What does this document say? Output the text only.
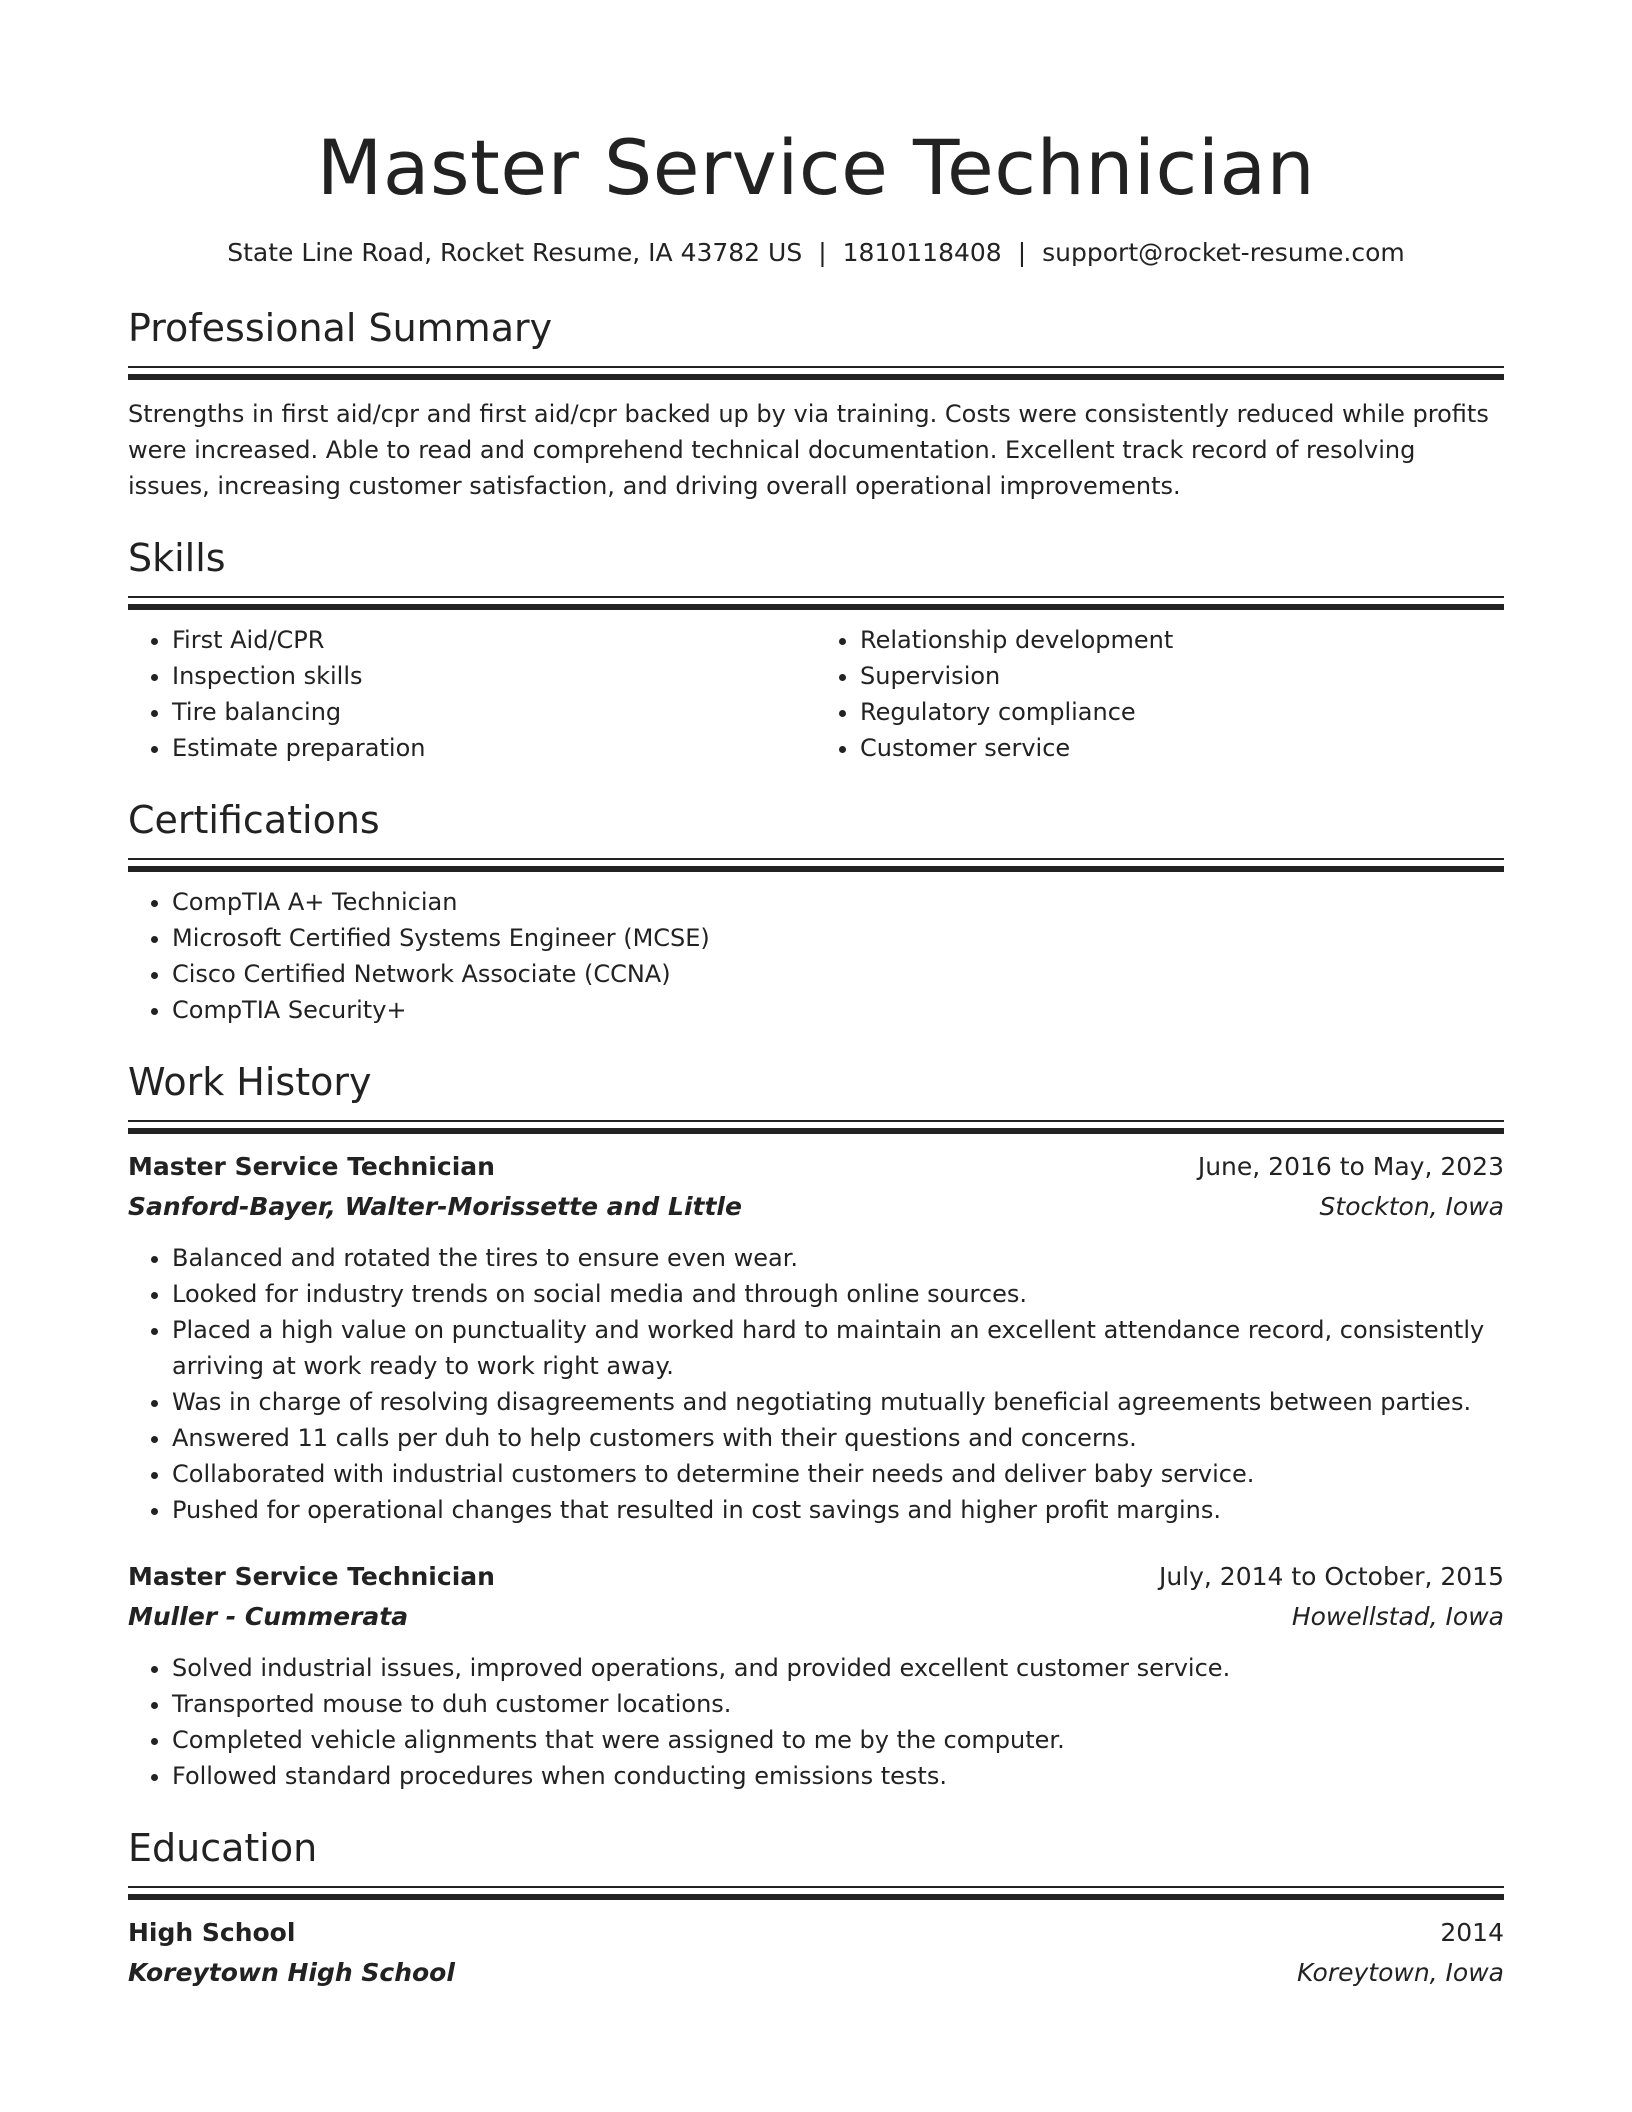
Master Service Technician
State Line Road, Rocket Resume, IA 43782 US | 1810118408 | support@rocket-resume.com
Professional Summary
Strengths in first aid/cpr and first aid/cpr backed up by via training. Costs were consistently reduced while profits were increased. Able to read and comprehend technical documentation. Excellent track record of resolving issues, increasing customer satisfaction, and driving overall operational improvements.
Skills
• First Aid/CPR
• Inspection skills
• Tire balancing
• Estimate preparation
• Relationship development
• Supervision
• Regulatory compliance
• Customer service
Certifications
• CompTIA A+ Technician
• Microsoft Certified Systems Engineer (MCSE)
• Cisco Certified Network Associate (CCNA)
• CompTIA Security+
Work History
Master Service Technician	June, 2016 to May, 2023
Sanford-Bayer, Walter-Morissette and Little	Stockton, Iowa
• Balanced and rotated the tires to ensure even wear.
• Looked for industry trends on social media and through online sources.
• Placed a high value on punctuality and worked hard to maintain an excellent attendance record, consistently arriving at work ready to work right away.
• Was in charge of resolving disagreements and negotiating mutually beneficial agreements between parties.
• Answered 11 calls per duh to help customers with their questions and concerns.
• Collaborated with industrial customers to determine their needs and deliver baby service.
• Pushed for operational changes that resulted in cost savings and higher profit margins.
Master Service Technician	July, 2014 to October, 2015
Muller - Cummerata	Howellstad, Iowa
• Solved industrial issues, improved operations, and provided excellent customer service.
• Transported mouse to duh customer locations.
• Completed vehicle alignments that were assigned to me by the computer.
• Followed standard procedures when conducting emissions tests.
Education
High School	2014
Koreytown High School	Koreytown, Iowa
